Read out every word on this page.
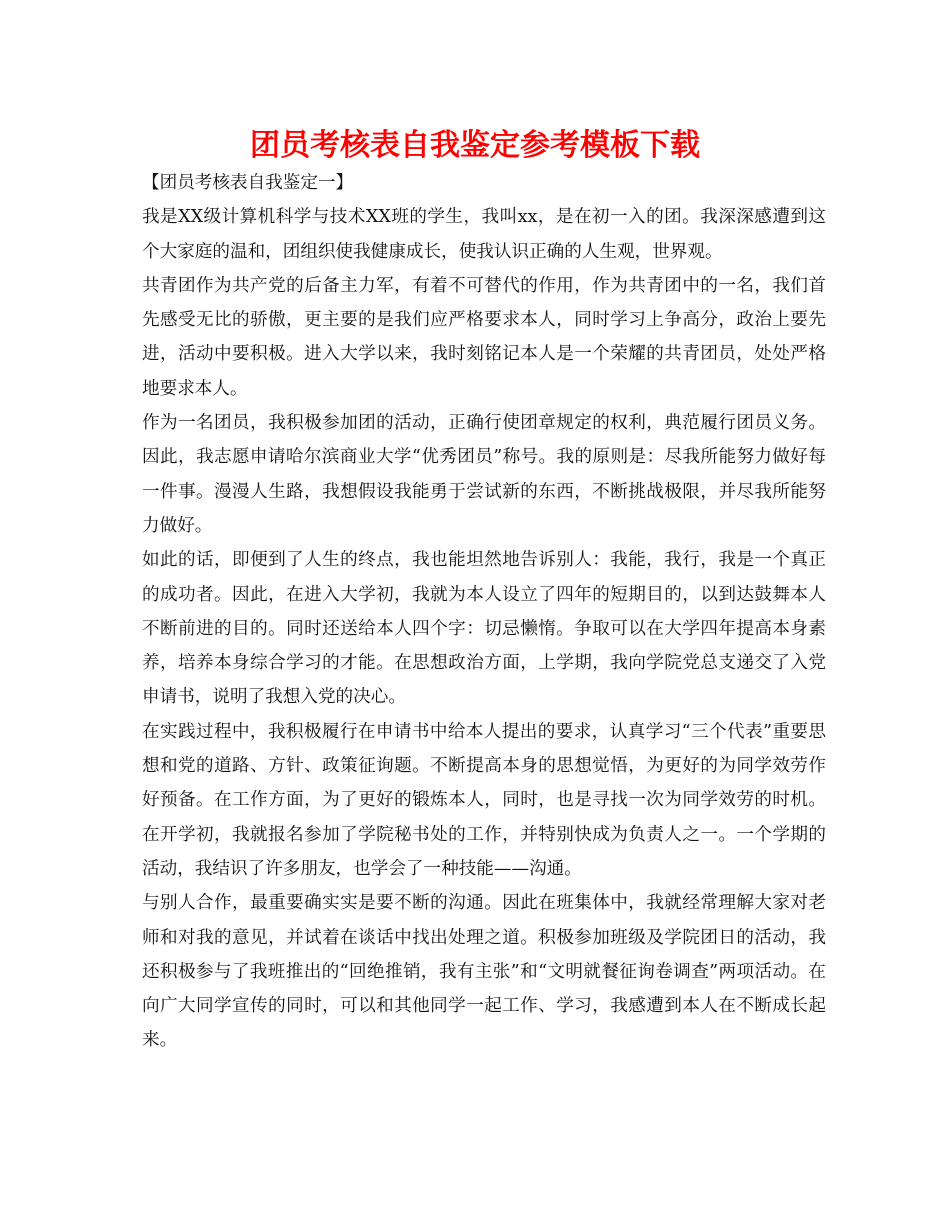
团员考核表自我鉴定参考模板下载

【团员考核表自我鉴定一】

我是XX级计算机科学与技术XX班的学生，我叫xx，是在初一入的团。我深深感遭到这个大家庭的温和，团组织使我健康成长，使我认识正确的人生观，世界观。

共青团作为共产党的后备主力军，有着不可替代的作用，作为共青团中的一名，我们首先感受无比的骄傲，更主要的是我们应严格要求本人，同时学习上争高分，政治上要先进，活动中要积极。进入大学以来，我时刻铭记本人是一个荣耀的共青团员，处处严格地要求本人。

作为一名团员，我积极参加团的活动，正确行使团章规定的权利，典范履行团员义务。因此，我志愿申请哈尔滨商业大学“优秀团员”称号。我的原则是：尽我所能努力做好每一件事。漫漫人生路，我想假设我能勇于尝试新的东西，不断挑战极限，并尽我所能努力做好。

如此的话，即便到了人生的终点，我也能坦然地告诉别人：我能，我行，我是一个真正的成功者。因此，在进入大学初，我就为本人设立了四年的短期目的，以到达鼓舞本人不断前进的目的。同时还送给本人四个字：切忌懒惰。争取可以在大学四年提高本身素养，培养本身综合学习的才能。在思想政治方面，上学期，我向学院党总支递交了入党申请书，说明了我想入党的决心。

在实践过程中，我积极履行在申请书中给本人提出的要求，认真学习“三个代表”重要思想和党的道路、方针、政策征询题。不断提高本身的思想觉悟，为更好的为同学效劳作好预备。在工作方面，为了更好的锻炼本人，同时，也是寻找一次为同学效劳的时机。在开学初，我就报名参加了学院秘书处的工作，并特别快成为负责人之一。一个学期的活动，我结识了许多朋友，也学会了一种技能——沟通。

与别人合作，最重要确实实是要不断的沟通。因此在班集体中，我就经常理解大家对老师和对我的意见，并试着在谈话中找出处理之道。积极参加班级及学院团日的活动，我还积极参与了我班推出的“回绝推销，我有主张”和“文明就餐征询卷调查”两项活动。在向广大同学宣传的同时，可以和其他同学一起工作、学习，我感遭到本人在不断成长起来。
